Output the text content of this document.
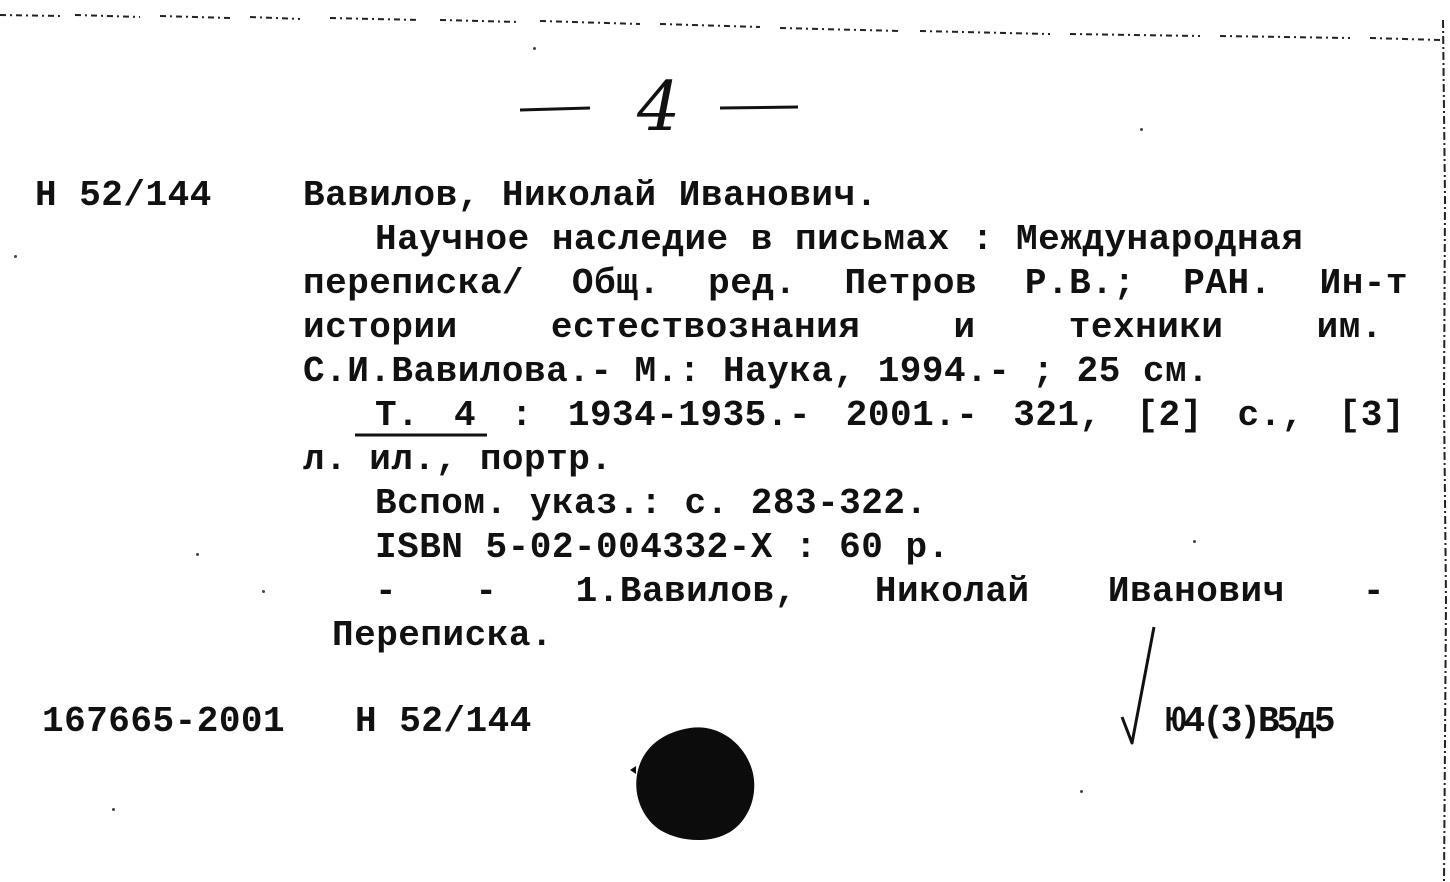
4
Н 52/144	Вавилов, Николай Иванович.
Научное наследие в письмах : Международная
переписка/ Общ. ред. Петров Р.В.; РАН. Ин-т
истории естествознания и техники им.
С.И.Вавилова.- М.: Наука, 1994.- ; 25 см.
Т. 4 : 1934-1935.- 2001.- 321, [2] с., [3]
л. ил., портр.
Вспом. указ.: с. 283-322.
ISBN 5-02-004332-X : 60 р.
- - 1.Вавилов, Николай Иванович -
Переписка.
167665-2001 Н 52/144	Ю4(3)В5д5
